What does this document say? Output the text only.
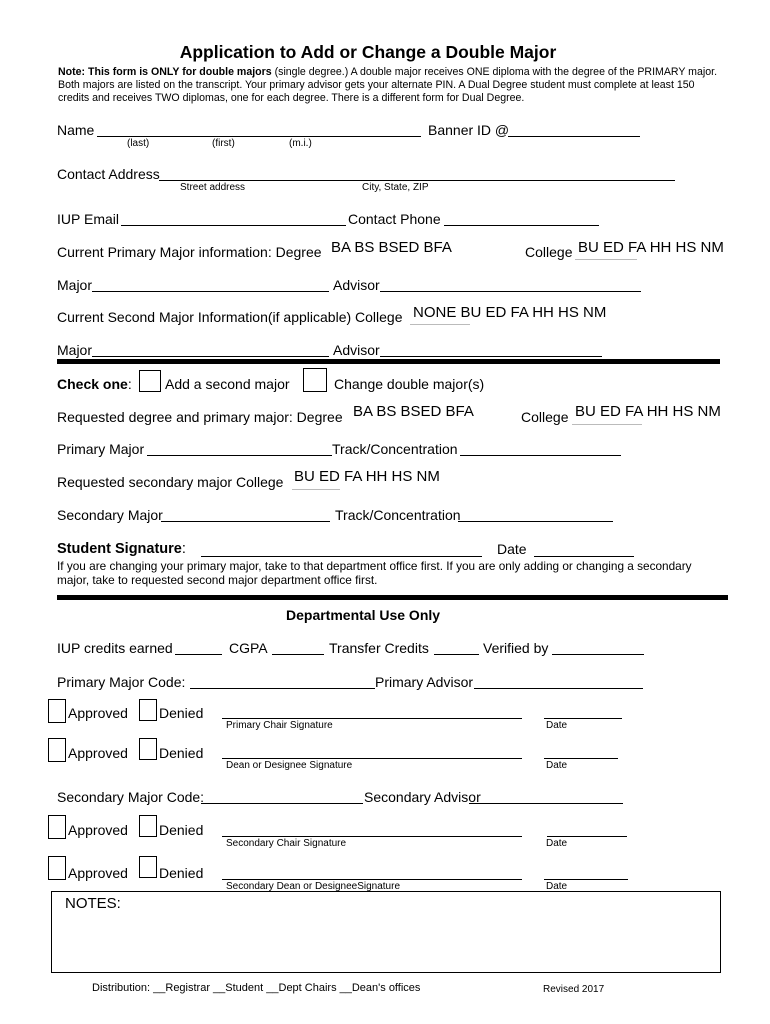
Application to Add or Change a Double Major
Note: This form is ONLY for double majors (single degree.) A double major receives ONE diploma with the degree of the PRIMARY major. Both majors are listed on the transcript. Your primary advisor gets your alternate PIN. A Dual Degree student must complete at least 150 credits and receives TWO diplomas, one for each degree. There is a different form for Dual Degree.
Name
(last)	(first)	(m.i.)
Banner ID @
Contact Address
Street address	City, State, ZIP
IUP Email	Contact Phone
Current Primary Major information: Degree BA BS BSED BFA	College BU ED FA HH HS NM
Major	Advisor
Current Second Major Information(if applicable) College NONE BU ED FA HH HS NM
Major	Advisor
Check one: Add a second major	Change double major(s)
Requested degree and primary major: Degree BA BS BSED BFA	College BU ED FA HH HS NM
Primary Major	Track/Concentration
Requested secondary major College BU ED FA HH HS NM
Secondary Major	Track/Concentration
Student Signature:	Date
If you are changing your primary major, take to that department office first. If you are only adding or changing a secondary major, take to requested second major department office first.
Departmental Use Only
IUP credits earned	CGPA	Transfer Credits	Verified by
Primary Major Code:	Primary Advisor
Approved Denied
Primary Chair Signature	Date
Approved Denied
Dean or Designee Signature	Date
Secondary Major Code:	Secondary Advisor
Approved Denied
Secondary Chair Signature	Date
Approved Denied
Secondary Dean or DesigneeSignature	Date
NOTES:
Distribution: __Registrar __Student __Dept Chairs __Dean's offices	Revised 2017
